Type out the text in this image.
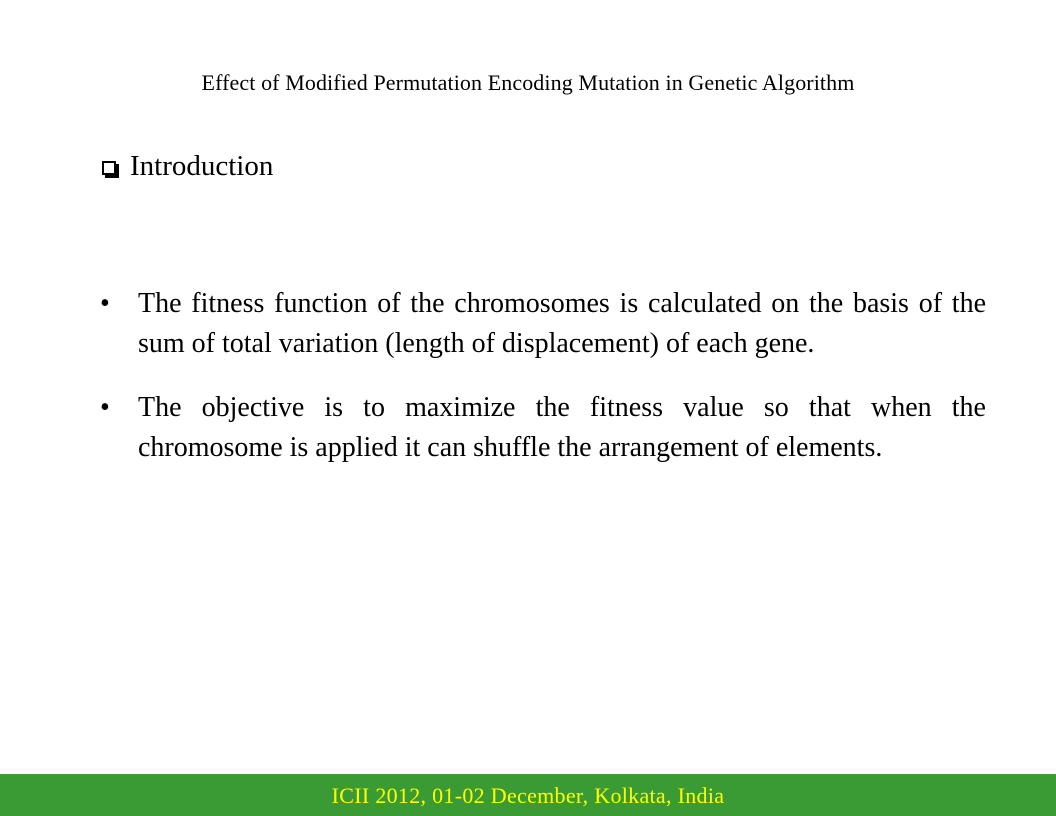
Effect of Modified Permutation Encoding Mutation in Genetic Algorithm
Introduction
• The fitness function of the chromosomes is calculated on the basis of the sum of total variation (length of displacement) of each gene.
• The objective is to maximize the fitness value so that when the chromosome is applied it can shuffle the arrangement of elements.
ICII 2012, 01-02 December, Kolkata, India
